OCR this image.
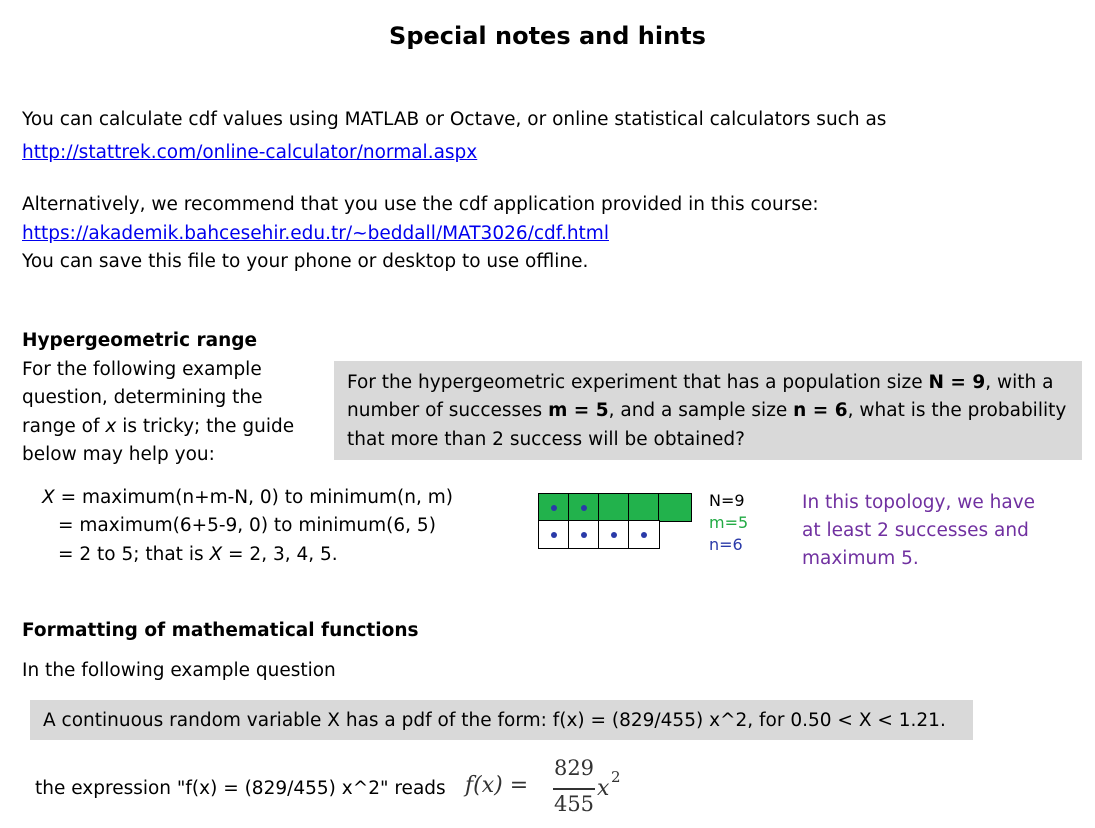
Special notes and hints
You can calculate cdf values using MATLAB or Octave, or online statistical calculators such as
http://stattrek.com/online-calculator/normal.aspx
Alternatively, we recommend that you use the cdf application provided in this course:
https://akademik.bahcesehir.edu.tr/~beddall/MAT3026/cdf.html
You can save this file to your phone or desktop to use offline.
Hypergeometric range
For the following example
question, determining the
range of x is tricky; the guide
below may help you:
For the hypergeometric experiment that has a population size N = 9, with a
number of successes m = 5, and a sample size n = 6, what is the probability
that more than 2 success will be obtained?
X = maximum(n+m-N, 0) to minimum(n, m)
= maximum(6+5-9, 0) to minimum(6, 5)
= 2 to 5; that is X = 2, 3, 4, 5.
N=9
m=5
n=6
In this topology, we have
at least 2 successes and
maximum 5.
Formatting of mathematical functions
In the following example question
A continuous random variable X has a pdf of the form: f(x) = (829/455) x^2, for 0.50 < X < 1.21.
the expression "f(x) = (829/455) x^2" reads f(x) =
829
455
x 2
